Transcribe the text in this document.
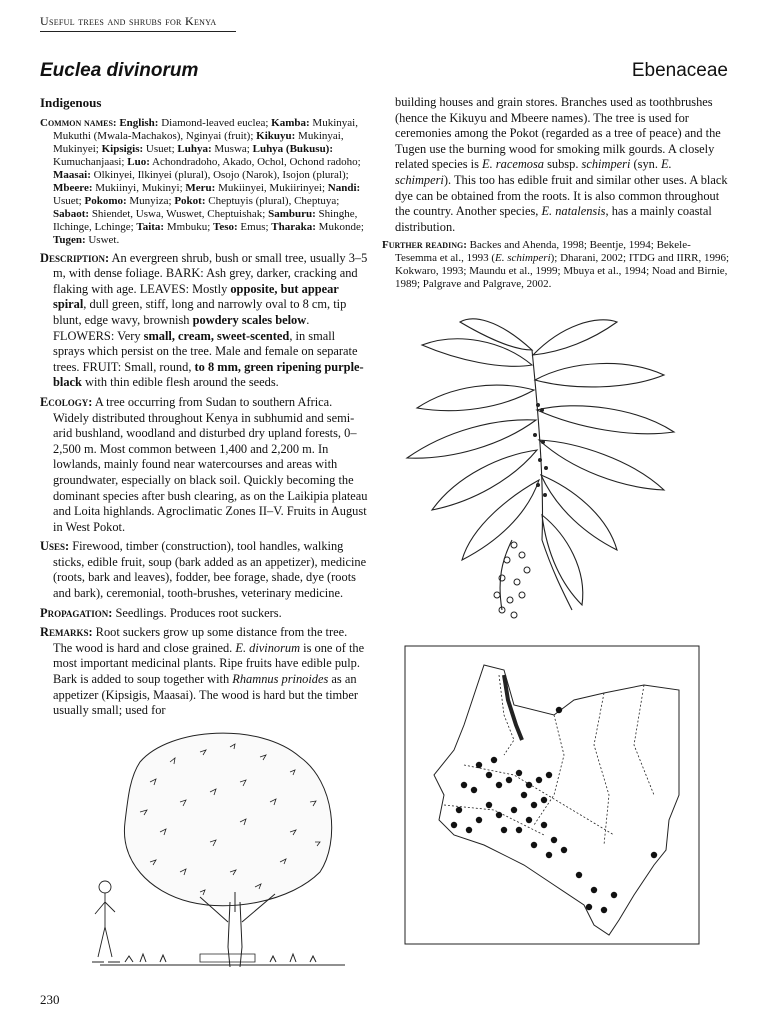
Useful trees and shrubs for Kenya
Euclea divinorum	Ebenaceae

Indigenous

Common names: English: Diamond-leaved euclea; Kamba: Mukinyai, Mukuthi (Mwala-Machakos), Nginyai (fruit); Kikuyu: Mukinyai, Mukinyei; Kipsigis: Usuet; Luhya: Muswa; Luhya (Bukusu): Kumuchanjaasi; Luo: Achondradoho, Akado, Ochol, Ochond radoho; Maasai: Olkinyei, Ilkinyei (plural), Osojo (Narok), Isojon (plural); Mbeere: Mukiinyi, Mukinyi; Meru: Mukiinyei, Mukiirinyei; Nandi: Usuet; Pokomo: Munyiza; Pokot: Cheptuyis (plural), Cheptuya; Sabaot: Shiendet, Uswa, Wuswet, Cheptuishak; Samburu: Shinghe, Ilchinge, Lchinge; Taita: Mmbuku; Teso: Emus; Tharaka: Mukonde; Tugen: Uswet.

Description: An evergreen shrub, bush or small tree, usually 3–5 m, with dense foliage. BARK: Ash grey, darker, cracking and flaking with age. LEAVES: Mostly opposite, but appear spiral, dull green, stiff, long and narrowly oval to 8 cm, tip blunt, edge wavy, brownish powdery scales below. FLOWERS: Very small, cream, sweet-scented, in small sprays which persist on the tree. Male and female on separate trees. FRUIT: Small, round, to 8 mm, green ripening purple-black with thin edible flesh around the seeds.

Ecology: A tree occurring from Sudan to southern Africa. Widely distributed throughout Kenya in subhumid and semi-arid bushland, woodland and disturbed dry upland forests, 0–2,500 m. Most common between 1,400 and 2,200 m. In lowlands, mainly found near watercourses and areas with groundwater, especially on black soil. Quickly becoming the dominant species after bush clearing, as on the Laikipia plateau and Loita highlands. Agroclimatic Zones II–V. Fruits in August in West Pokot.

Uses: Firewood, timber (construction), tool handles, walking sticks, edible fruit, soup (bark added as an appetizer), medicine (roots, bark and leaves), fodder, bee forage, shade, dye (roots and bark), ceremonial, tooth-brushes, veterinary medicine.

Propagation: Seedlings. Produces root suckers.

Remarks: Root suckers grow up some distance from the tree. The wood is hard and close grained. E. divinorum is one of the most important medicinal plants. Ripe fruits have edible pulp. Bark is added to soup together with Rhamnus prinoides as an appetizer (Kipsigis, Maasai). The wood is hard but the timber usually small; used for

building houses and grain stores. Branches used as toothbrushes (hence the Kikuyu and Mbeere names). The tree is used for ceremonies among the Pokot (regarded as a tree of peace) and the Tugen use the burning wood for smoking milk gourds. A closely related species is E. racemosa subsp. schimperi (syn. E. schimperi). This too has edible fruit and similar other uses. A black dye can be obtained from the roots. It is also common throughout the country. Another species, E. natalensis, has a mainly coastal distribution.

Further reading: Backes and Ahenda, 1998; Beentje, 1994; Bekele-Tesemma et al., 1993 (E. schimperi); Dharani, 2002; ITDG and IIRR, 1996; Kokwaro, 1993; Maundu et al., 1999; Mbuya et al., 1994; Noad and Birnie, 1989; Palgrave and Palgrave, 2002.

230
